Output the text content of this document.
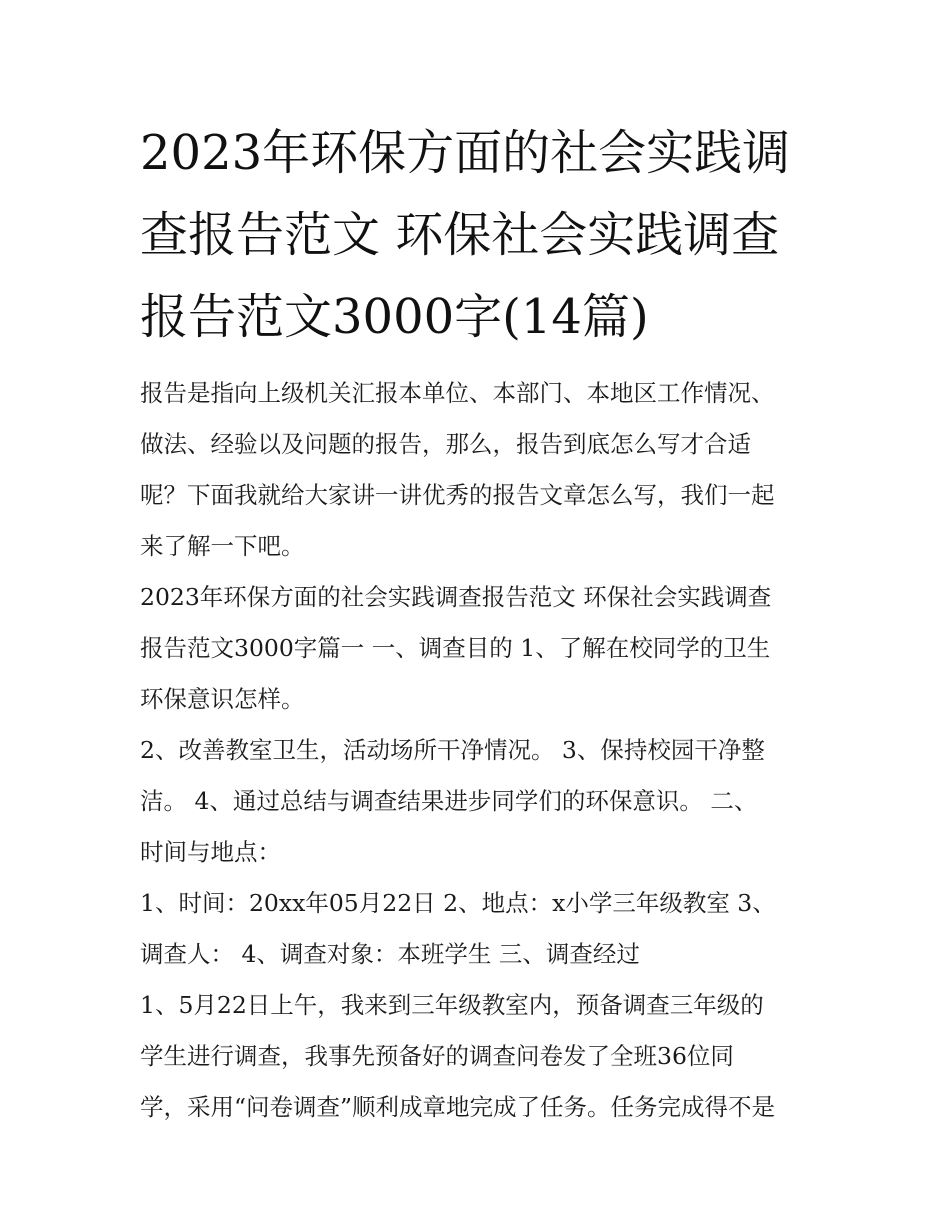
2023年环保方面的社会实践调
查报告范文 环保社会实践调查
报告范文3000字(14篇)

报告是指向上级机关汇报本单位、本部门、本地区工作情况、
做法、经验以及问题的报告，那么，报告到底怎么写才合适
呢？下面我就给大家讲一讲优秀的报告文章怎么写，我们一起
来了解一下吧。

2023年环保方面的社会实践调查报告范文 环保社会实践调查
报告范文3000字篇一 一、调查目的 1、了解在校同学的卫生
环保意识怎样。

2、改善教室卫生，活动场所干净情况。 3、保持校园干净整
洁。 4、通过总结与调查结果进步同学们的环保意识。 二、
时间与地点：

1、时间：20xx年05月22日 2、地点：x小学三年级教室 3、
调查人： 4、调查对象：本班学生 三、调查经过

1、5月22日上午，我来到三年级教室内，预备调查三年级的
学生进行调查，我事先预备好的调查问卷发了全班36位同
学，采用“问卷调查”顺利成章地完成了任务。任务完成得不是
